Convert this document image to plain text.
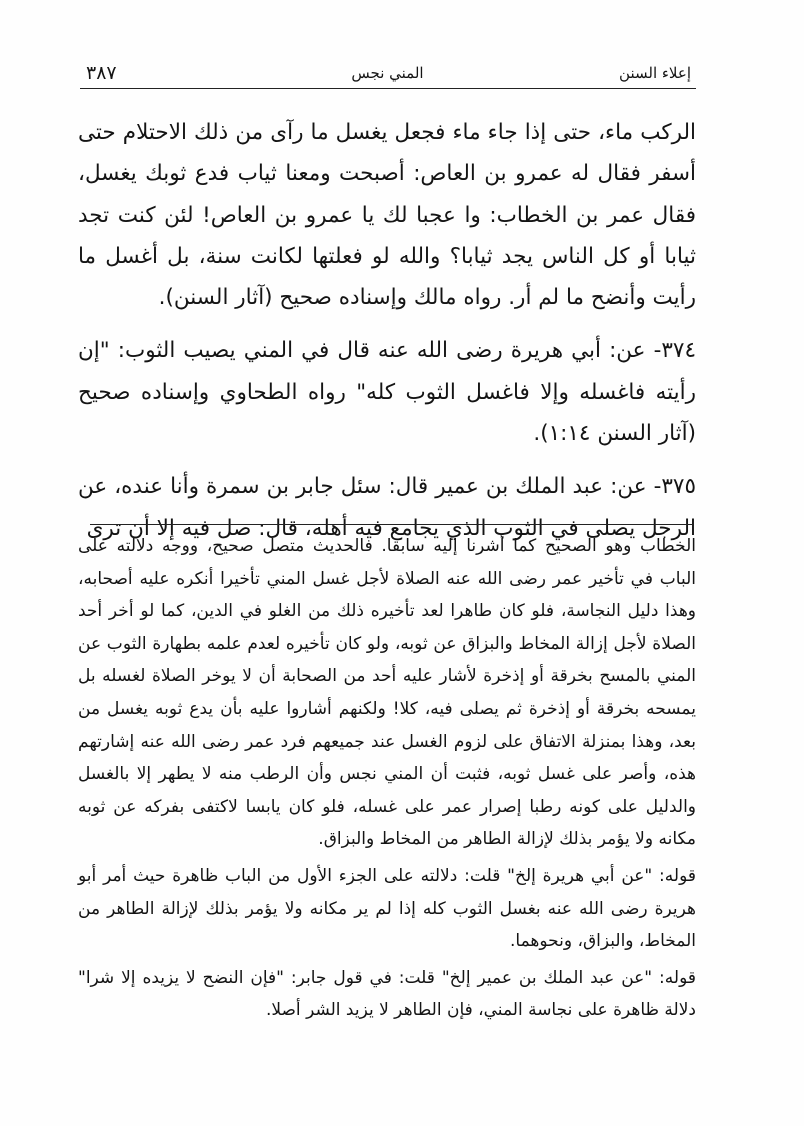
٣٨٧	المني نجس	إعلاء السنن

الركب ماء، حتى إذا جاء ماء فجعل يغسل ما رآى من ذلك الاحتلام حتى أسفر فقال له عمرو بن العاص: أصبحت ومعنا ثياب فدع ثوبك يغسل، فقال عمر بن الخطاب: وا عجبا لك يا عمرو بن العاص! لئن كنت تجد ثيابا أو كل الناس يجد ثيابا؟ والله لو فعلتها لكانت سنة، بل أغسل ما رأيت وأنضح ما لم أر. رواه مالك وإسناده صحيح (آثار السنن).

٣٧٤- عن: أبي هريرة رضى الله عنه قال في المني يصيب الثوب: "إن رأيته فاغسله وإلا فاغسل الثوب كله" رواه الطحاوي وإسناده صحيح (آثار السنن ١:١٤).

٣٧٥- عن: عبد الملك بن عمير قال: سئل جابر بن سمرة وأنا عنده، عن الرجل يصلى في الثوب الذي يجامع فيه أهله، قال: صل فيه إلا أن ترى

الخطاب وهو الصحيح كما أشرنا إليه سابقا. فالحديث متصل صحيح، ووجه دلالته على الباب في تأخير عمر رضى الله عنه الصلاة لأجل غسل المني تأخيرا أنكره عليه أصحابه، وهذا دليل النجاسة، فلو كان طاهرا لعد تأخيره ذلك من الغلو في الدين، كما لو أخر أحد الصلاة لأجل إزالة المخاط والبزاق عن ثوبه، ولو كان تأخيره لعدم علمه بطهارة الثوب عن المني بالمسح بخرقة أو إذخرة لأشار عليه أحد من الصحابة أن لا يوخر الصلاة لغسله بل يمسحه بخرقة أو إذخرة ثم يصلى فيه، كلا! ولكنهم أشاروا عليه بأن يدع ثوبه يغسل من بعد، وهذا بمنزلة الاتفاق على لزوم الغسل عند جميعهم فرد عمر رضى الله عنه إشارتهم هذه، وأصر على غسل ثوبه، فثبت أن المني نجس وأن الرطب منه لا يطهر إلا بالغسل والدليل على كونه رطبا إصرار عمر على غسله، فلو كان يابسا لاكتفى بفركه عن ثوبه مكانه ولا يؤمر بذلك لإزالة الطاهر من المخاط والبزاق.

قوله: "عن أبي هريرة إلخ" قلت: دلالته على الجزء الأول من الباب ظاهرة حيث أمر أبو هريرة رضى الله عنه بغسل الثوب كله إذا لم ير مكانه ولا يؤمر بذلك لإزالة الطاهر من المخاط، والبزاق، ونحوهما.

قوله: "عن عبد الملك بن عمير إلخ" قلت: في قول جابر: "فإن النضح لا يزيده إلا شرا" دلالة ظاهرة على نجاسة المني، فإن الطاهر لا يزيد الشر أصلا.
